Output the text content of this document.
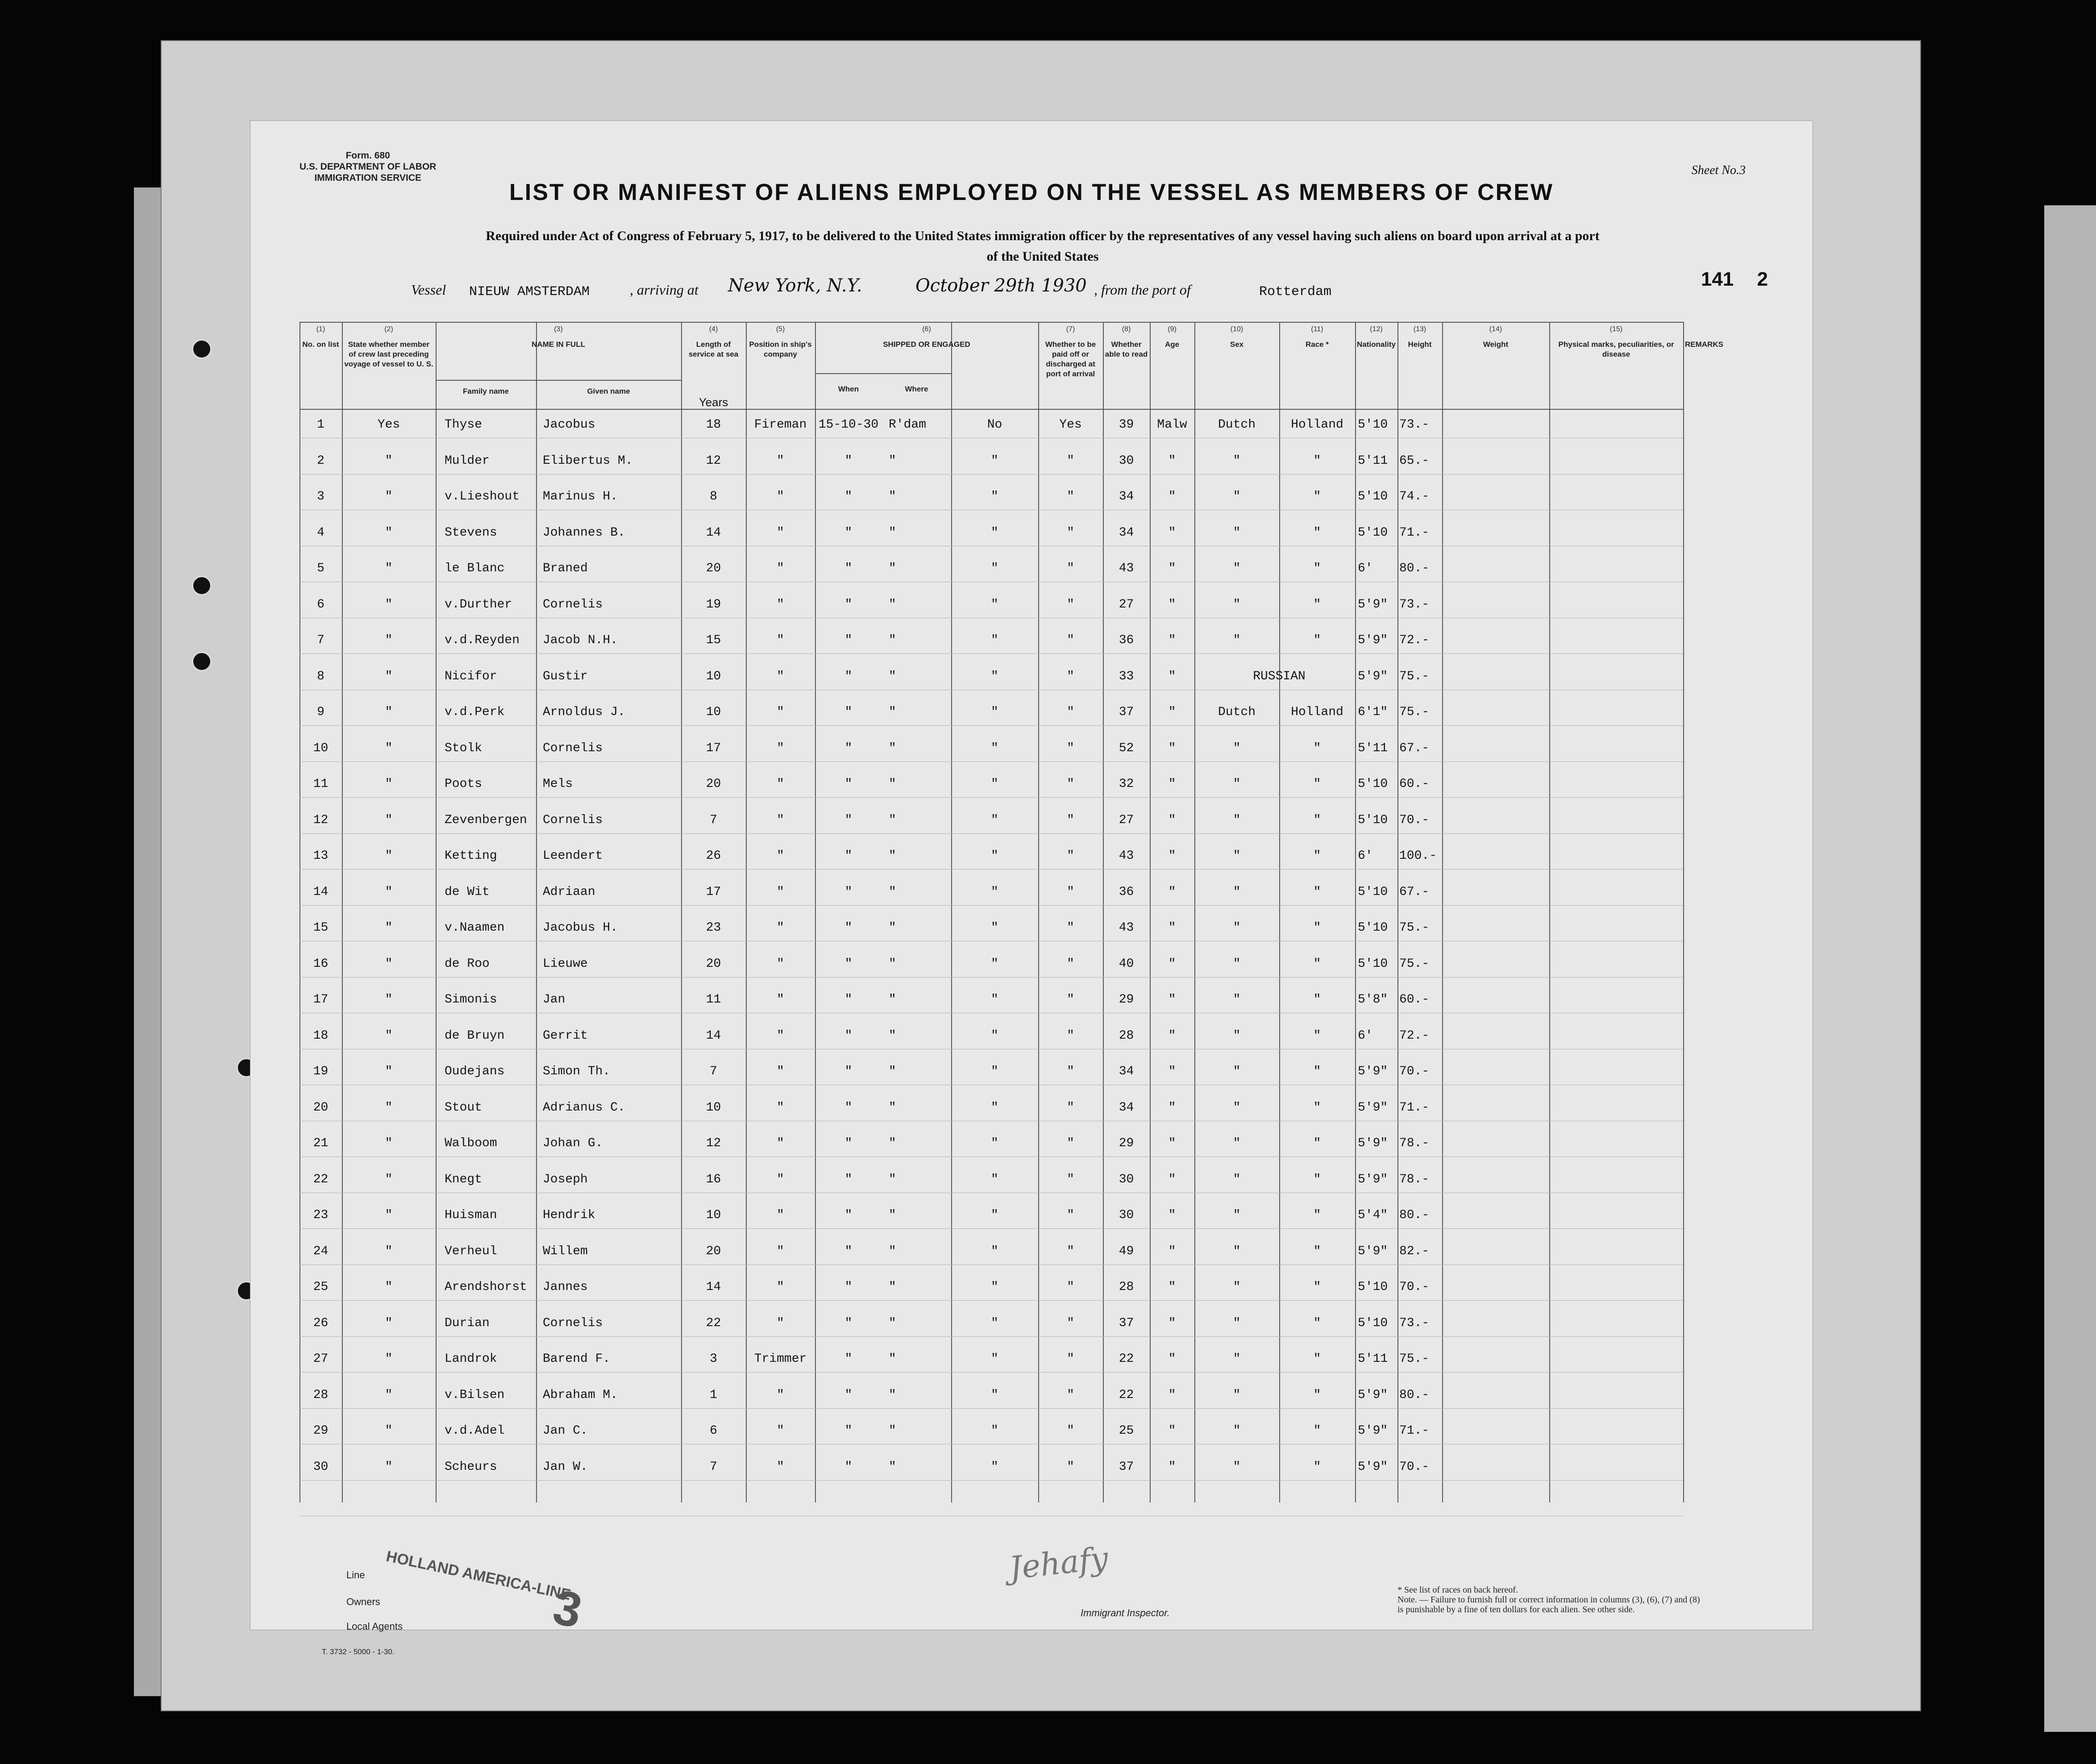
Form. 680
U.S. DEPARTMENT OF LABOR
IMMIGRATION SERVICE
Sheet No.3
LIST OR MANIFEST OF ALIENS EMPLOYED ON THE VESSEL AS MEMBERS OF CREW
Required under Act of Congress of February 5, 1917, to be delivered to the United States immigration officer by the representatives of any vessel having such aliens on board upon arrival at a port
of the United States
Vessel NIEUW AMSTERDAM	, arriving at New York, N.Y.	October 29th 1930 , from the port of	Rotterdam
141 2
(1)
No. on list
(2)
State whether member of crew last preceding voyage of vessel to U. S.
(3)
NAME IN FULL
(4)
Length of service at sea
(5)
Position in ship's company
(6)
SHIPPED OR ENGAGED
(7)
Whether to be paid off or discharged at port of arrival
(8)
Whether able to read
(9)
Age
(10)
Sex
(11)
Race *
(12)
Nationality
(13)
Height
(14)
Weight
(15)
Physical marks, peculiarities, or disease
REMARKS
Family name	Given name	When	Where
Years
1	Yes	Thyse	Jacobus	18	Fireman 15-10-30 R'dam	No	Yes	39	Malw	Dutch	Holland	5'10 73.-
2	"	Mulder	Elibertus M.	12	"	"	"	"	"	30	"	"	"	5'11 65.-
3	"	v.Lieshout	Marinus H.	8	"	"	"	"	"	34	"	"	"	5'10 74.-
4	"	Stevens	Johannes B.	14	"	"	"	"	"	34	"	"	"	5'10 71.-
5	"	le Blanc	Braned	20	"	"	"	"	"	43	"	"	"	6'	80.-
6	"	v.Durther	Cornelis	19	"	"	"	"	"	27	"	"	"	5'9" 73.-
7	"	v.d.Reyden	Jacob N.H.	15	"	"	"	"	"	36	"	"	"	5'9" 72.-
8	"	Nicifor	Gustir	10	"	"	"	"	"	33	"	RUSSIAN	5'9" 75.-
9	"	v.d.Perk	Arnoldus J.	10	"	"	"	"	"	37	"	Dutch	Holland	6'1" 75.-
10	"	Stolk	Cornelis	17	"	"	"	"	"	52	"	"	"	5'11 67.-
11	"	Poots	Mels	20	"	"	"	"	"	32	"	"	"	5'10 60.-
12	"	Zevenbergen	Cornelis	7	"	"	"	"	"	27	"	"	"	5'10 70.-
13	"	Ketting	Leendert	26	"	"	"	"	"	43	"	"	"	6'	100.-
14	"	de Wit	Adriaan	17	"	"	"	"	"	36	"	"	"	5'10 67.-
15	"	v.Naamen	Jacobus H.	23	"	"	"	"	"	43	"	"	"	5'10 75.-
16	"	de Roo	Lieuwe	20	"	"	"	"	"	40	"	"	"	5'10 75.-
17	"	Simonis	Jan	11	"	"	"	"	"	29	"	"	"	5'8" 60.-
18	"	de Bruyn	Gerrit	14	"	"	"	"	"	28	"	"	"	6'	72.-
19	"	Oudejans	Simon Th.	7	"	"	"	"	"	34	"	"	"	5'9" 70.-
20	"	Stout	Adrianus C.	10	"	"	"	"	"	34	"	"	"	5'9" 71.-
21	"	Walboom	Johan G.	12	"	"	"	"	"	29	"	"	"	5'9" 78.-
22	"	Knegt	Joseph	16	"	"	"	"	"	30	"	"	"	5'9" 78.-
23	"	Huisman	Hendrik	10	"	"	"	"	"	30	"	"	"	5'4" 80.-
24	"	Verheul	Willem	20	"	"	"	"	"	49	"	"	"	5'9" 82.-
25	"	Arendshorst	Jannes	14	"	"	"	"	"	28	"	"	"	5'10 70.-
26	"	Durian	Cornelis	22	"	"	"	"	"	37	"	"	"	5'10 73.-
27	"	Landrok	Barend F.	3	Trimmer	"	"	"	"	22	"	"	"	5'11 75.-
28	"	v.Bilsen	Abraham M.	1	"	"	"	"	"	22	"	"	"	5'9" 80.-
29	"	v.d.Adel	Jan C.	6	"	"	"	"	"	25	"	"	"	5'9" 71.-
30	"	Scheurs	Jan W.	7	"	"	"	"	"	37	"	"	"	5'9" 70.-
Line
Owners
Local Agents
HOLLAND AMERICA-LINE
3
Jehafy
Immigrant Inspector.
* See list of races on back hereof.
Note. — Failure to furnish full or correct information in columns (3), (6), (7) and (8)
is punishable by a fine of ten dollars for each alien. See other side.
T. 3732 - 5000 - 1-30.
